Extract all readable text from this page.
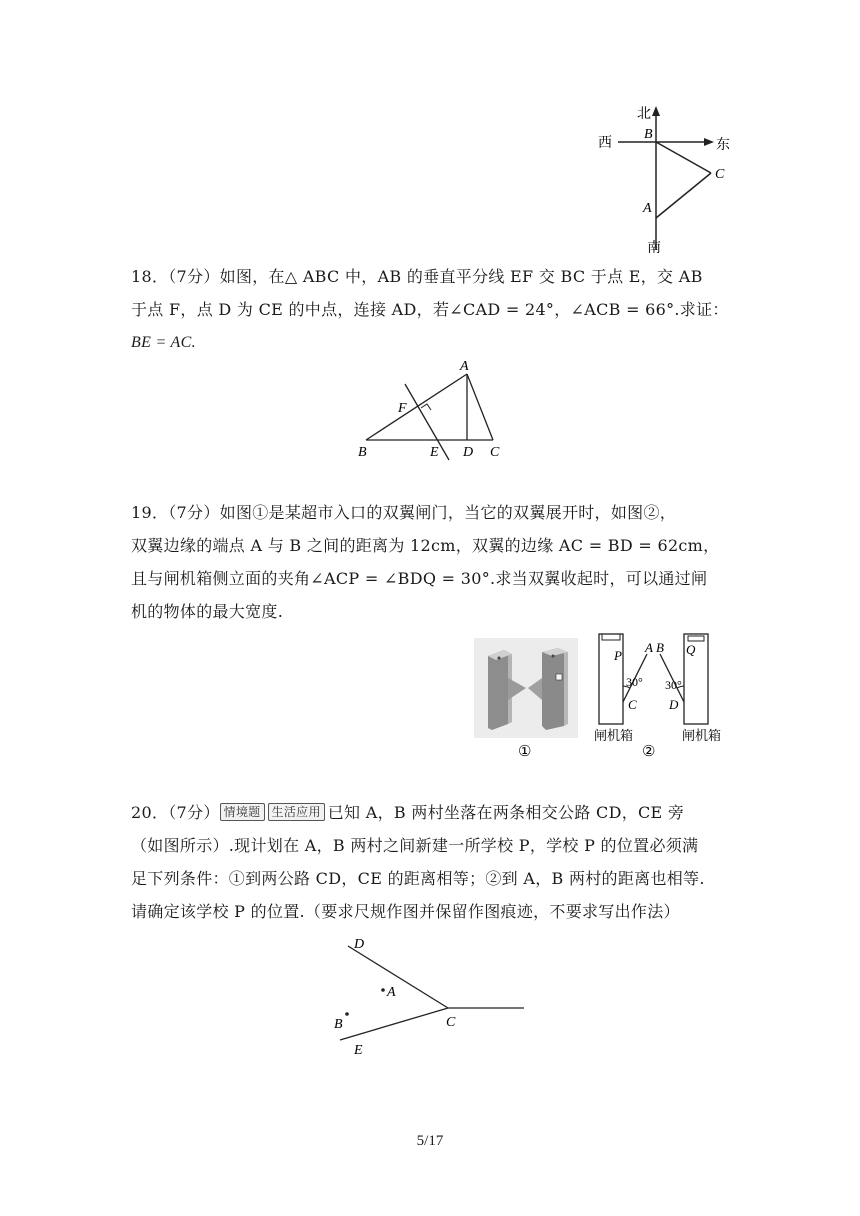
北
西	东
南
B
C
A
18．（7分）如图，在△ ABC 中，AB 的垂直平分线 EF 交 BC 于点 E，交 AB
于点 F，点 D 为 CE 的中点，连接 AD，若∠CAD = 24°，∠ACB = 66°.求证：
BE = AC.
A
F
B	E D C
19．（7分）如图①是某超市入口的双翼闸门，当它的双翼展开时，如图②，
双翼边缘的端点 A 与 B 之间的距离为 12cm，双翼的边缘 AC = BD = 62cm，
且与闸机箱侧立面的夹角∠ACP = ∠BDQ = 30°.求当双翼收起时，可以通过闸
机的物体的最大宽度.
①
P
A B Q
30° 30°
C D
闸机箱	闸机箱
②
20．（7分） 情境题 生活应用 已知 A，B 两村坐落在两条相交公路 CD，CE 旁
（如图所示）.现计划在 A，B 两村之间新建一所学校 P，学校 P 的位置必须满
足下列条件：①到两公路 CD，CE 的距离相等；②到 A，B 两村的距离也相等.
请确定该学校 P 的位置.（要求尺规作图并保留作图痕迹，不要求写出作法）
D
A
B	C
E
5/17
